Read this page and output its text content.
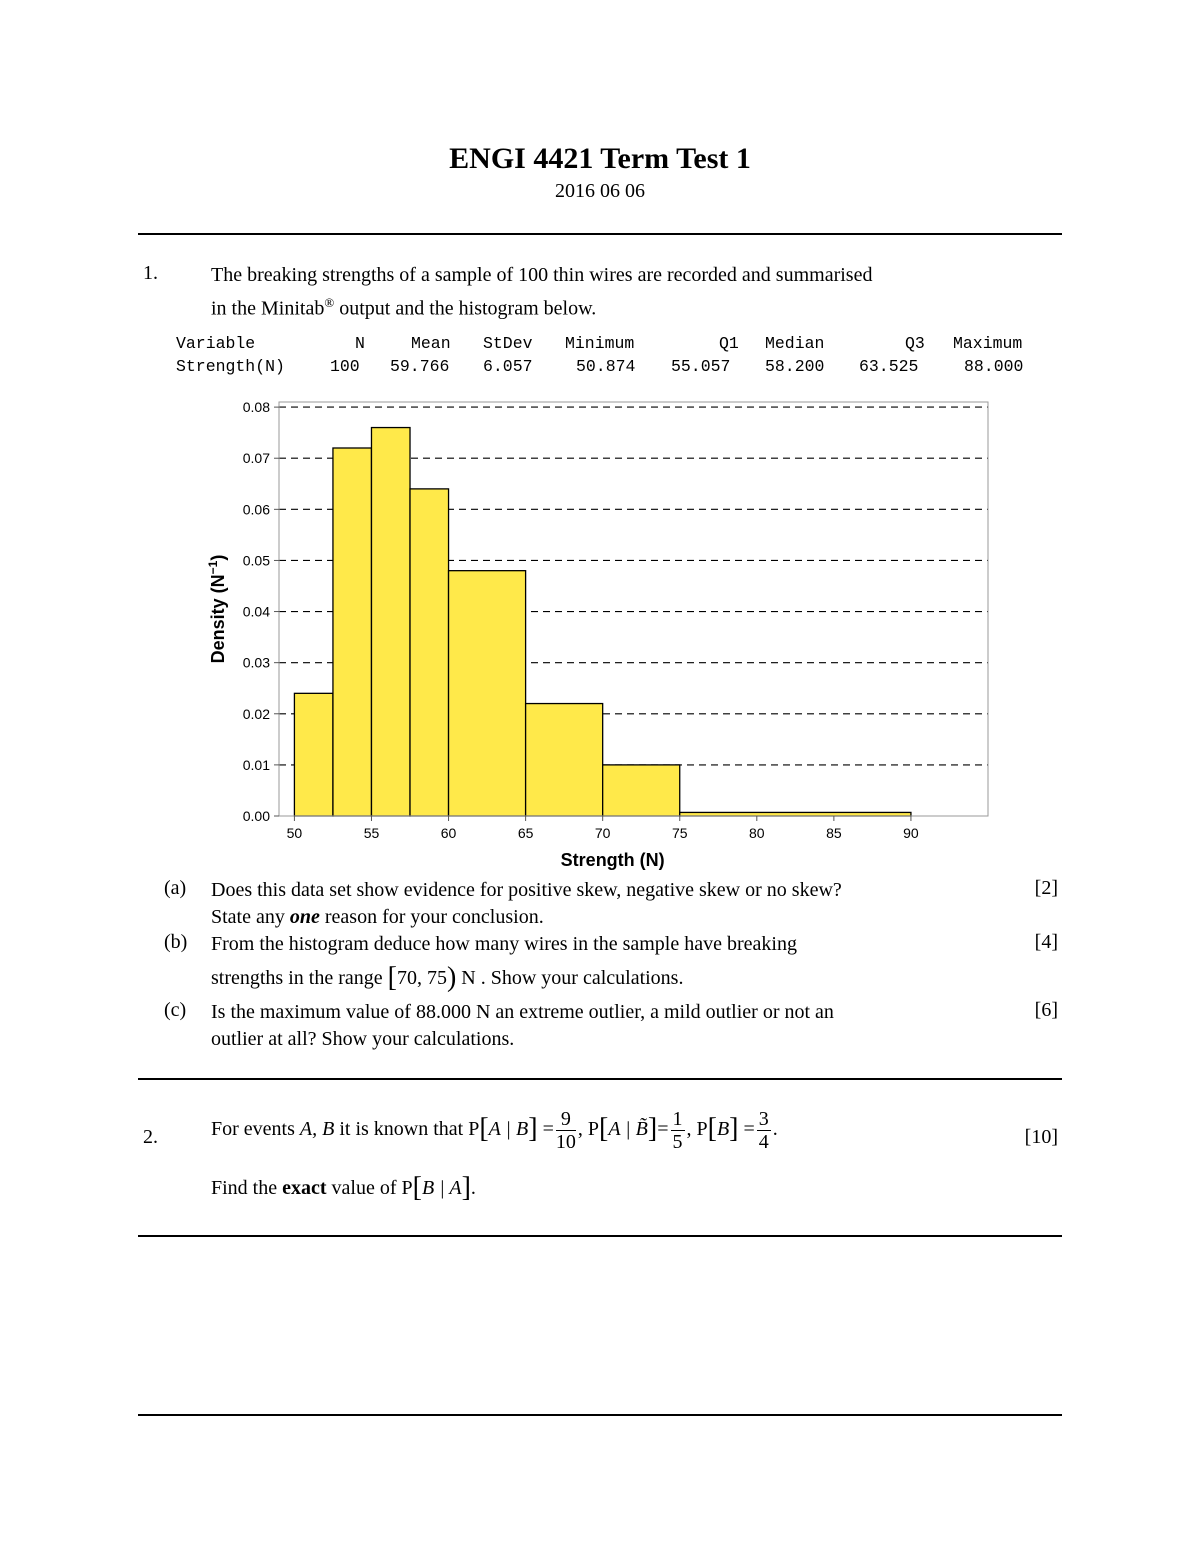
ENGI 4421 Term Test 1
2016 06 06
1.	The breaking strengths of a sample of 100 thin wires are recorded and summarised
in the Minitab® output and the histogram below.
Variable	N	Mean StDev Minimum	Q1 Median	Q3 Maximum
Strength(N)	100 59.766 6.057	50.874 55.057 58.200 63.525	88.000
0.00
0.01
0.02
0.03
0.04
0.05
0.06
0.07
0.08
50	55	60	65	70	75	80	85	90
Strength (N)
Density $(N^{-1})$
(a) Does this data set show evidence for positive skew, negative skew or no skew?
State any one reason for your conclusion.
[2]
(b) From the histogram deduce how many wires in the sample have breaking
strengths in the range [70, 75) N . Show your calculations.
[4]
(c) Is the maximum value of 88.000 N an extreme outlier, a mild outlier or not an
outlier at all? Show your calculations.
[6]
2.	For events A, B it is known that P[A | $B] = \frac{9}{10}$ , P[A | B̃]= $\frac{1}{5}$ , $P[B] = \frac{3}{4}$ .	[10]
Find the exact value of P[B | A].
